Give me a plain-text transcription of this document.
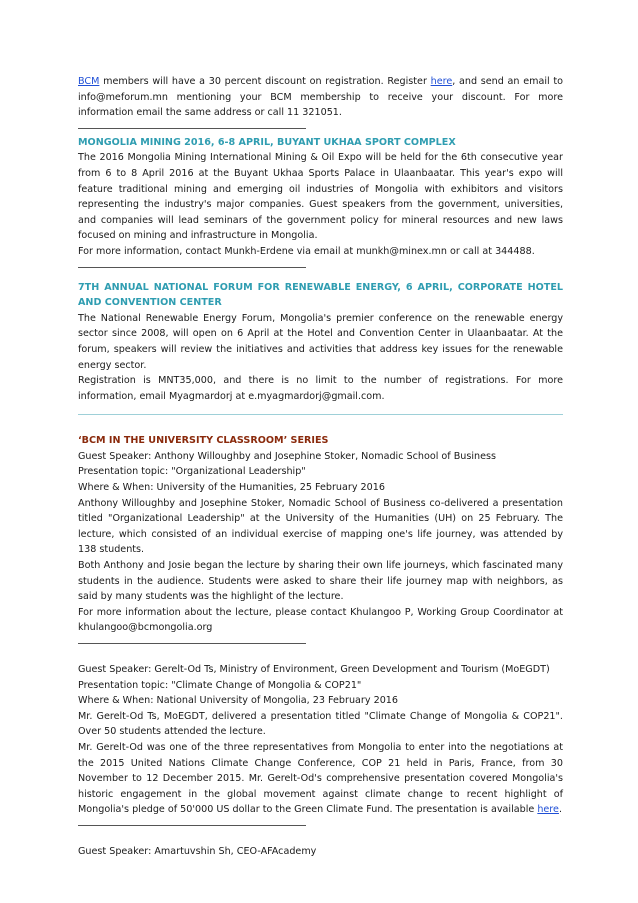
BCM members will have a 30 percent discount on registration. Register here, and send an email to info@meforum.mn mentioning your BCM membership to receive your discount. For more information email the same address or call 11 321051.

MONGOLIA MINING 2016, 6-8 APRIL, BUYANT UKHAA SPORT COMPLEX

The 2016 Mongolia Mining International Mining & Oil Expo will be held for the 6th consecutive year from 6 to 8 April 2016 at the Buyant Ukhaa Sports Palace in Ulaanbaatar. This year's expo will feature traditional mining and emerging oil industries of Mongolia with exhibitors and visitors representing the industry's major companies. Guest speakers from the government, universities, and companies will lead seminars of the government policy for mineral resources and new laws focused on mining and infrastructure in Mongolia.

For more information, contact Munkh-Erdene via email at munkh@minex.mn or call at 344488.

7TH ANNUAL NATIONAL FORUM FOR RENEWABLE ENERGY, 6 APRIL, CORPORATE HOTEL AND CONVENTION CENTER

The National Renewable Energy Forum, Mongolia's premier conference on the renewable energy sector since 2008, will open on 6 April at the Hotel and Convention Center in Ulaanbaatar. At the forum, speakers will review the initiatives and activities that address key issues for the renewable energy sector.

Registration is MNT35,000, and there is no limit to the number of registrations. For more information, email Myagmardorj at e.myagmardorj@gmail.com.

‘BCM IN THE UNIVERSITY CLASSROOM’ SERIES

Guest Speaker: Anthony Willoughby and Josephine Stoker, Nomadic School of Business

Presentation topic: "Organizational Leadership"

Where & When: University of the Humanities, 25 February 2016

Anthony Willoughby and Josephine Stoker, Nomadic School of Business co-delivered a presentation titled "Organizational Leadership" at the University of the Humanities (UH) on 25 February. The lecture, which consisted of an individual exercise of mapping one's life journey, was attended by 138 students.

Both Anthony and Josie began the lecture by sharing their own life journeys, which fascinated many students in the audience. Students were asked to share their life journey map with neighbors, as said by many students was the highlight of the lecture.

For more information about the lecture, please contact Khulangoo P, Working Group Coordinator at khulangoo@bcmongolia.org

Guest Speaker: Gerelt-Od Ts, Ministry of Environment, Green Development and Tourism (MoEGDT)

Presentation topic: "Climate Change of Mongolia & COP21"

Where & When: National University of Mongolia, 23 February 2016

Mr. Gerelt-Od Ts, MoEGDT, delivered a presentation titled "Climate Change of Mongolia & COP21". Over 50 students attended the lecture.

Mr. Gerelt-Od was one of the three representatives from Mongolia to enter into the negotiations at the 2015 United Nations Climate Change Conference, COP 21 held in Paris, France, from 30 November to 12 December 2015. Mr. Gerelt-Od's comprehensive presentation covered Mongolia's historic engagement in the global movement against climate change to recent highlight of Mongolia's pledge of 50'000 US dollar to the Green Climate Fund. The presentation is available here.

Guest Speaker: Amartuvshin Sh, CEO-AFAcademy
